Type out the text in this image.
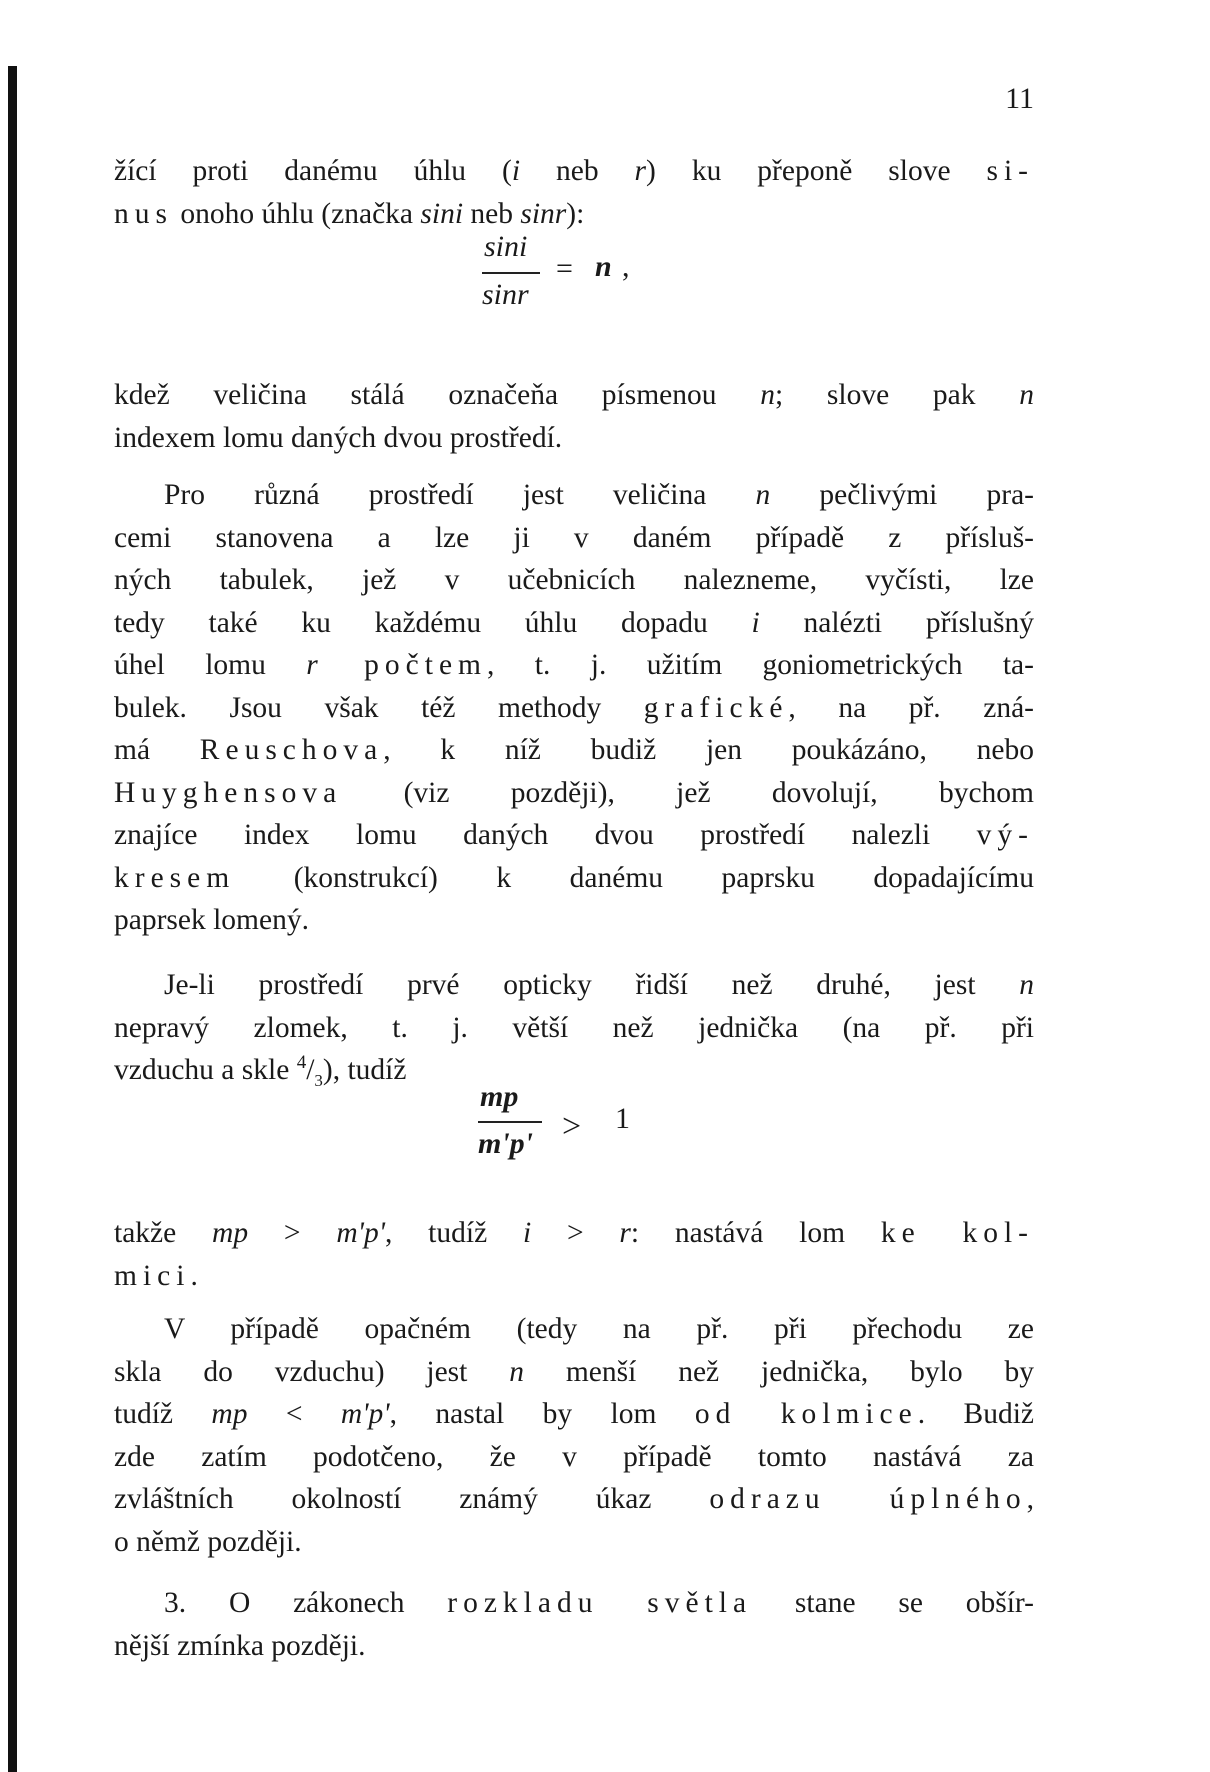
11
žící proti danému úhlu (i neb r) ku přeponě slove si-
nus onoho úhlu (značka sini neb sinr):
sini
sinr
= n ,
kdež veličina stálá označeňa písmenou n; slove pak n
indexem lomu daných dvou prostředí.
Pro různá prostředí jest veličina n pečlivými pra-
cemi stanovena a lze ji v daném případě z přísluš-
ných tabulek, jež v učebnicích nalezneme, vyčísti, lze
tedy také ku každému úhlu dopadu i nalézti příslušný
úhel lomu r počtem, t. j. užitím goniometrických ta-
bulek. Jsou však též methody grafické, na př. zná-
má Reuschova, k níž budiž jen poukázáno, nebo
Huyghensova (viz později), jež dovolují, bychom
znajíce index lomu daných dvou prostředí nalezli vý-
kresem (konstrukcí) k danému paprsku dopadajícímu
paprsek lomený.
Je-li prostředí prvé opticky řidší než druhé, jest n
nepravý zlomek, t. j. větší než jednička (na př. při
vzduchu a skle $^4/_3$), tudíž
mp
m'p' > 1
takže mp > m'p', tudíž i > r: nastává lom ke kol-
mici.
V případě opačném (tedy na př. při přechodu ze
skla do vzduchu) jest n menší než jednička, bylo by
tudíž mp < m'p', nastal by lom od kolmice. Budiž
zde zatím podotčeno, že v případě tomto nastává za
zvláštních okolností známý úkaz odrazu úplného,
o němž později.
3. O zákonech rozkladu světla stane se obšír-
nější zmínka později.
